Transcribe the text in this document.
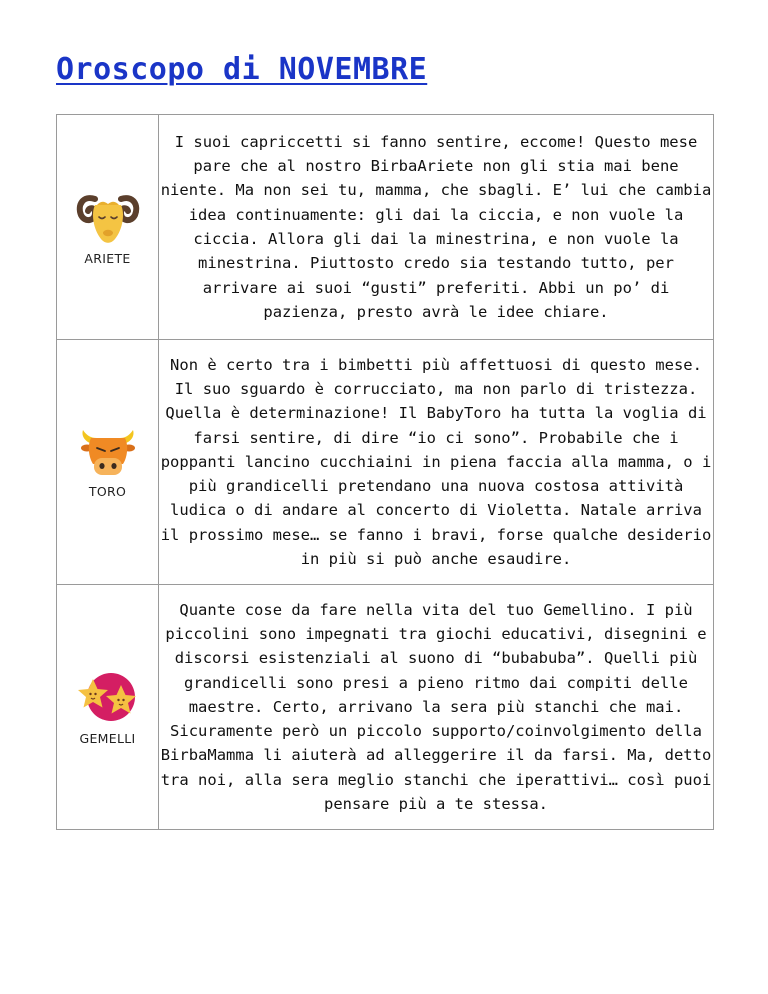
Oroscopo di NOVEMBRE
ARIETE	I suoi capriccetti si fanno sentire, eccome! Questo mese pare che al nostro BirbaAriete non gli stia mai bene niente. Ma non sei tu, mamma, che sbagli. E’ lui che cambia idea continuamente: gli dai la ciccia, e non vuole la ciccia. Allora gli dai la minestrina, e non vuole la minestrina. Piuttosto credo sia testando tutto, per arrivare ai suoi “gusti” preferiti. Abbi un po’ di pazienza, presto avrà le idee chiare.

TORO	Non è certo tra i bimbetti più affettuosi di questo mese. Il suo sguardo è corrucciato, ma non parlo di tristezza. Quella è determinazione! Il BabyToro ha tutta la voglia di farsi sentire, di dire “io ci sono”. Probabile che i poppanti lancino cucchiaini in piena faccia alla mamma, o i più grandicelli pretendano una nuova costosa attività ludica o di andare al concerto di Violetta. Natale arriva il prossimo mese… se fanno i bravi, forse qualche desiderio in più si può anche esaudire.

GEMELLI	Quante cose da fare nella vita del tuo Gemellino. I più piccolini sono impegnati tra giochi educativi, disegnini e discorsi esistenziali al suono di “bubabuba”. Quelli più grandicelli sono presi a pieno ritmo dai compiti delle maestre. Certo, arrivano la sera più stanchi che mai. Sicuramente però un piccolo supporto/coinvolgimento della BirbaMamma li aiuterà ad alleggerire il da farsi. Ma, detto tra noi, alla sera meglio stanchi che iperattivi… così puoi pensare più a te stessa.
